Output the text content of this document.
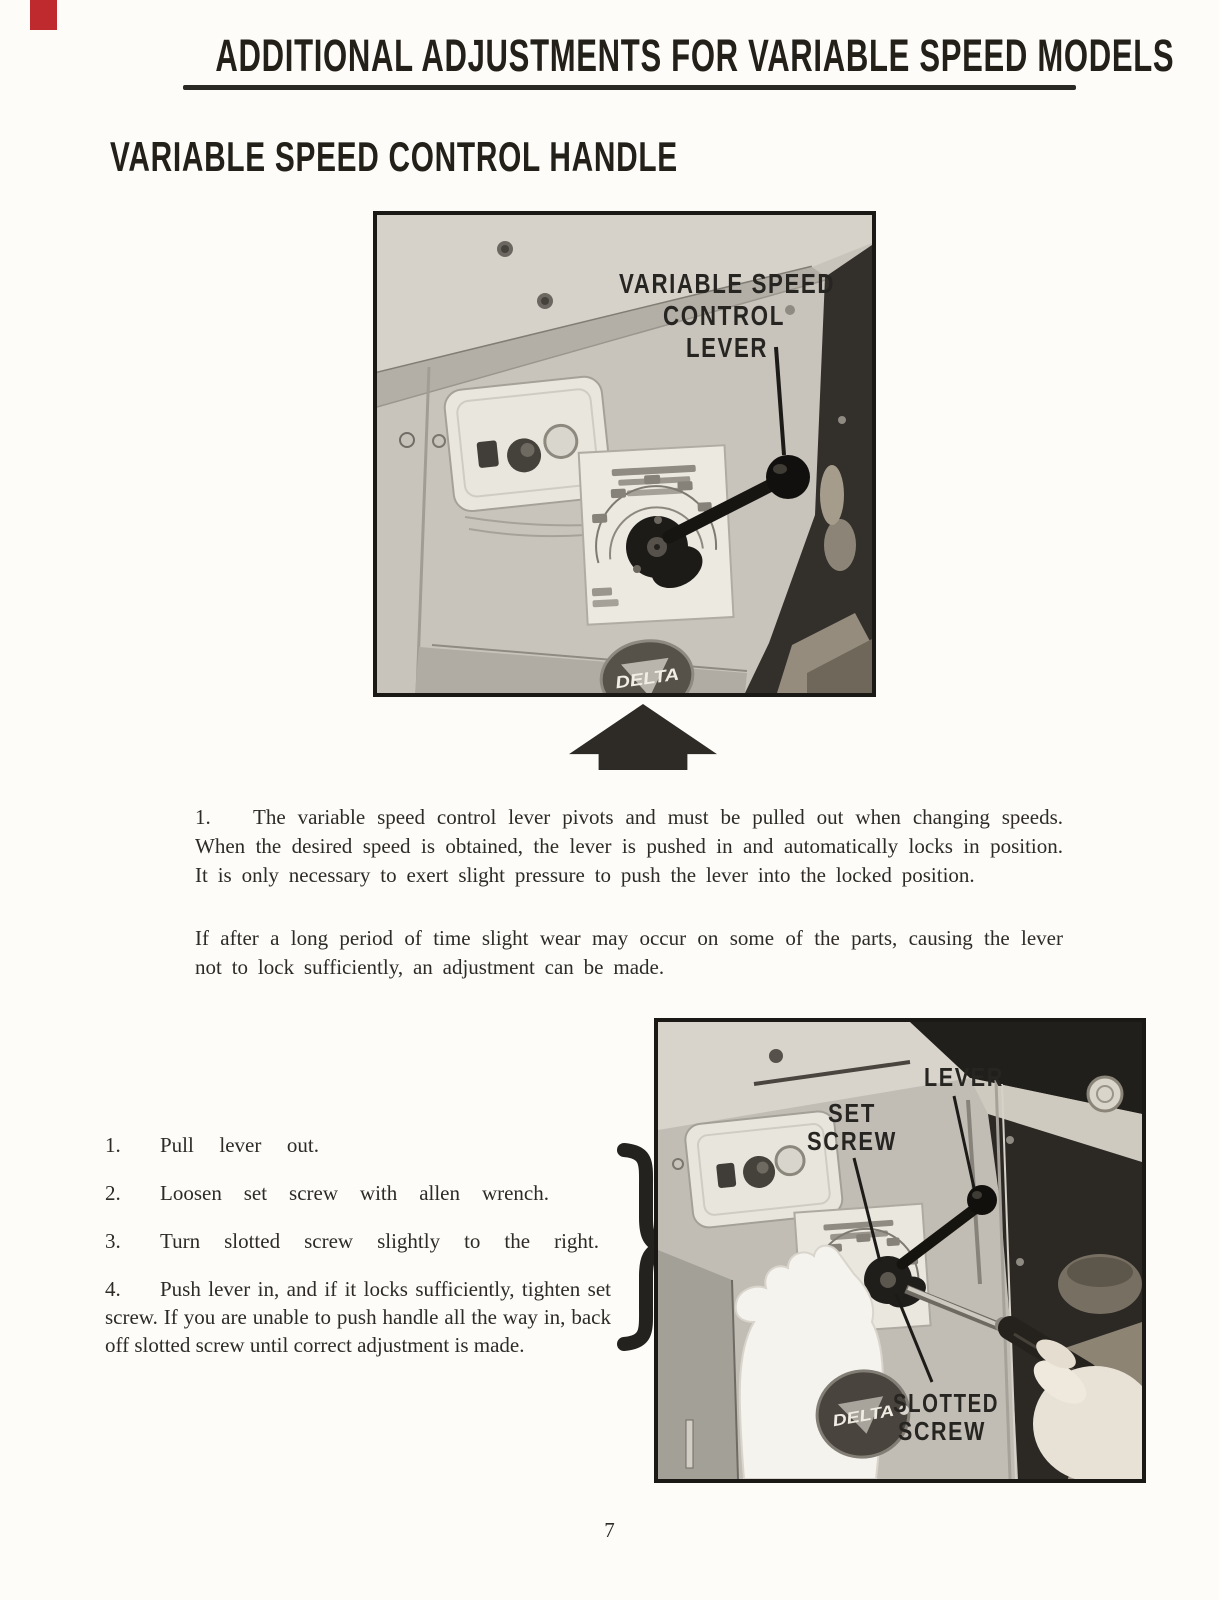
ADDITIONAL ADJUSTMENTS FOR VARIABLE SPEED MODELS
VARIABLE SPEED CONTROL HANDLE
VARIABLE SPEED
CONTROL
LEVER
DELTA

1. The variable speed control lever pivots and must be pulled out when changing speeds. When the desired speed is obtained, the lever is pushed in and automatically locks in position. It is only necessary to exert slight pressure to push the lever into the locked position.

If after a long period of time slight wear may occur on some of the parts, causing the lever not to lock sufficiently, an adjustment can be made.

1. Pull lever out.
2. Loosen set screw with allen wrench.
3. Turn slotted screw slightly to the right.
4. Push lever in, and if it locks sufficiently, tighten set screw. If you are unable to push handle all the way in, back off slotted screw until correct adjustment is made.
DELTA
LEVER
SET
SCREW
SLOTTED
SCREW
7
